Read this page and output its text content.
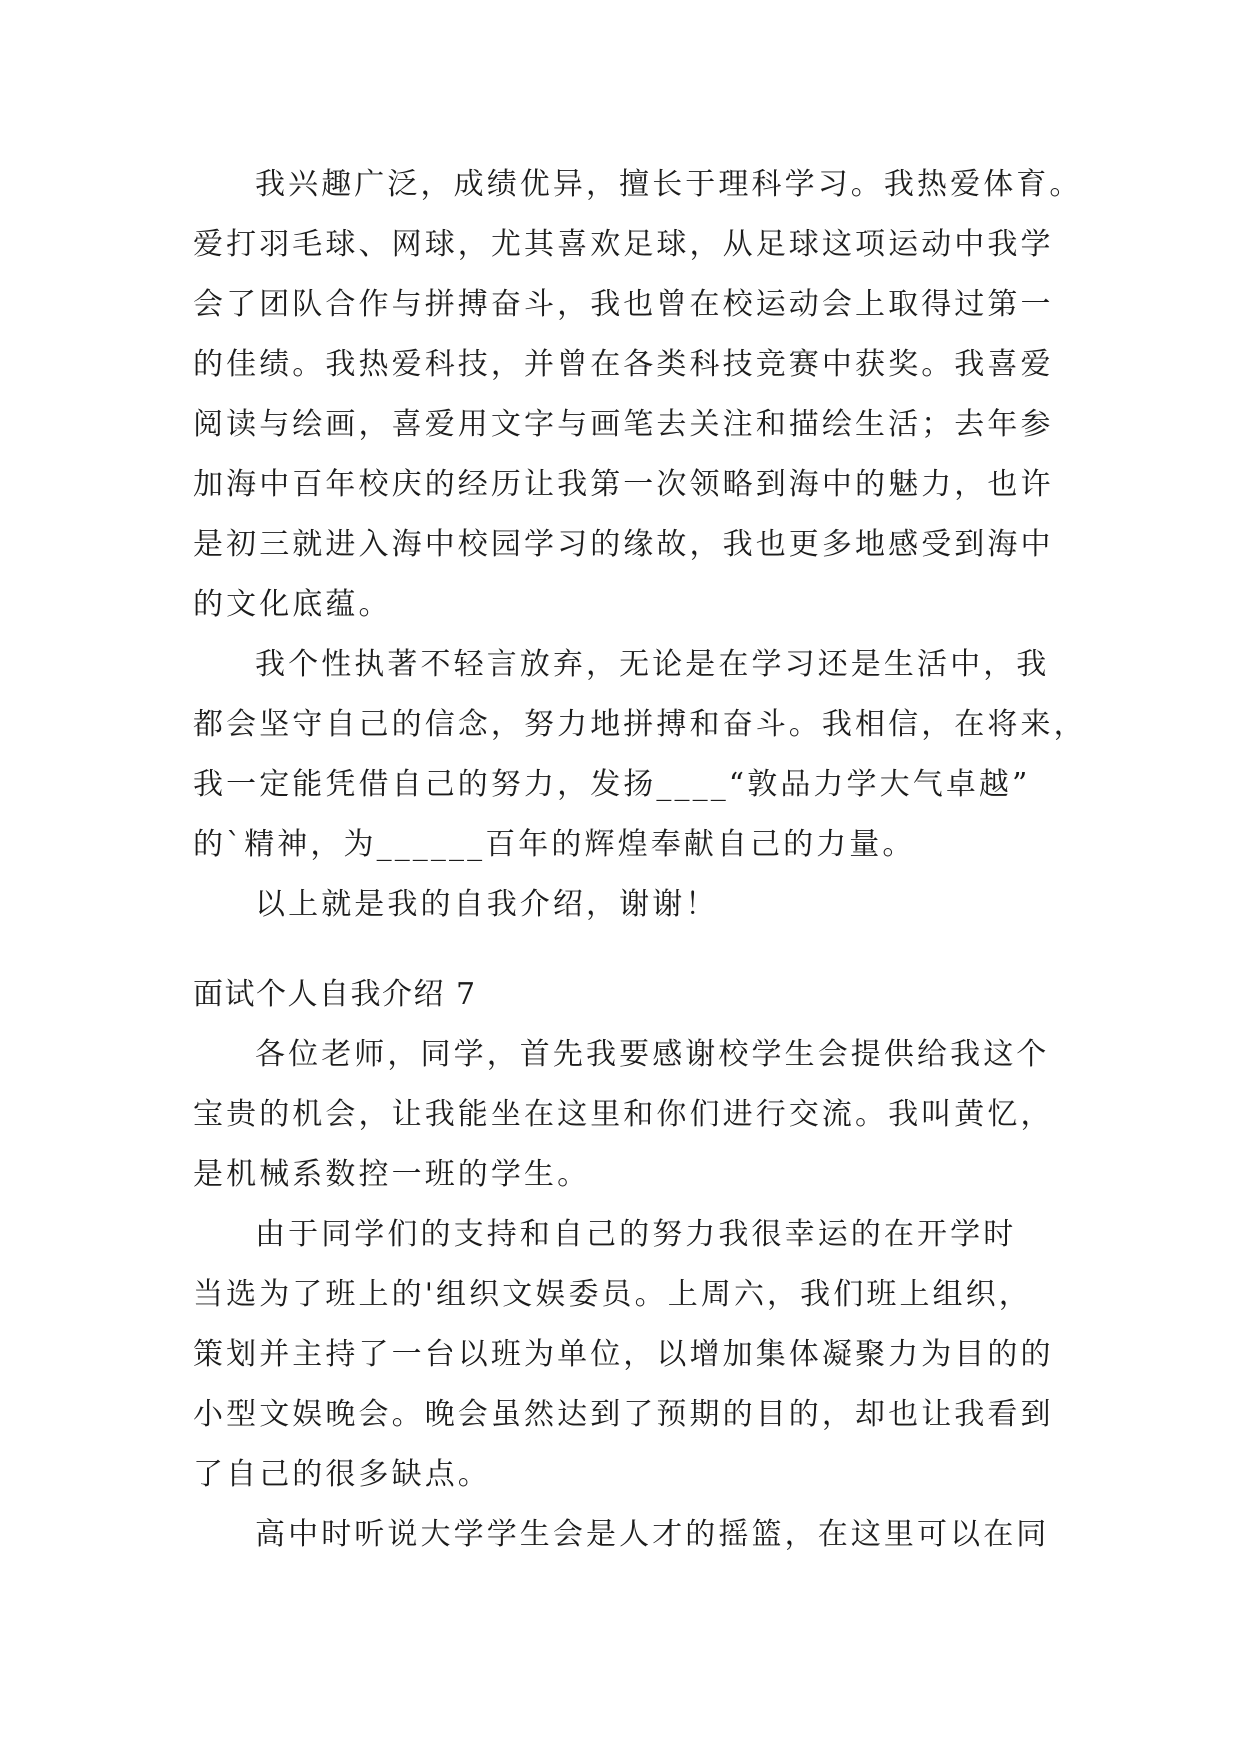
我兴趣广泛，成绩优异，擅长于理科学习。我热爱体育。

爱打羽毛球、网球，尤其喜欢足球，从足球这项运动中我学

会了团队合作与拼搏奋斗，我也曾在校运动会上取得过第一

的佳绩。我热爱科技，并曾在各类科技竞赛中获奖。我喜爱

阅读与绘画，喜爱用文字与画笔去关注和描绘生活；去年参

加海中百年校庆的经历让我第一次领略到海中的魅力，也许

是初三就进入海中校园学习的缘故，我也更多地感受到海中

的文化底蕴。

我个性执著不轻言放弃，无论是在学习还是生活中，我

都会坚守自己的信念，努力地拼搏和奋斗。我相信，在将来，

我一定能凭借自己的努力，发扬____“敦品力学大气卓越”

的`精神，为______百年的辉煌奉献自己的力量。

以上就是我的自我介绍，谢谢！

面试个人自我介绍 7

各位老师，同学，首先我要感谢校学生会提供给我这个

宝贵的机会，让我能坐在这里和你们进行交流。我叫黄忆，

是机械系数控一班的学生。

由于同学们的支持和自己的努力我很幸运的在开学时

当选为了班上的'组织文娱委员。上周六，我们班上组织，

策划并主持了一台以班为单位，以增加集体凝聚力为目的的

小型文娱晚会。晚会虽然达到了预期的目的，却也让我看到

了自己的很多缺点。

高中时听说大学学生会是人才的摇篮，在这里可以在同
